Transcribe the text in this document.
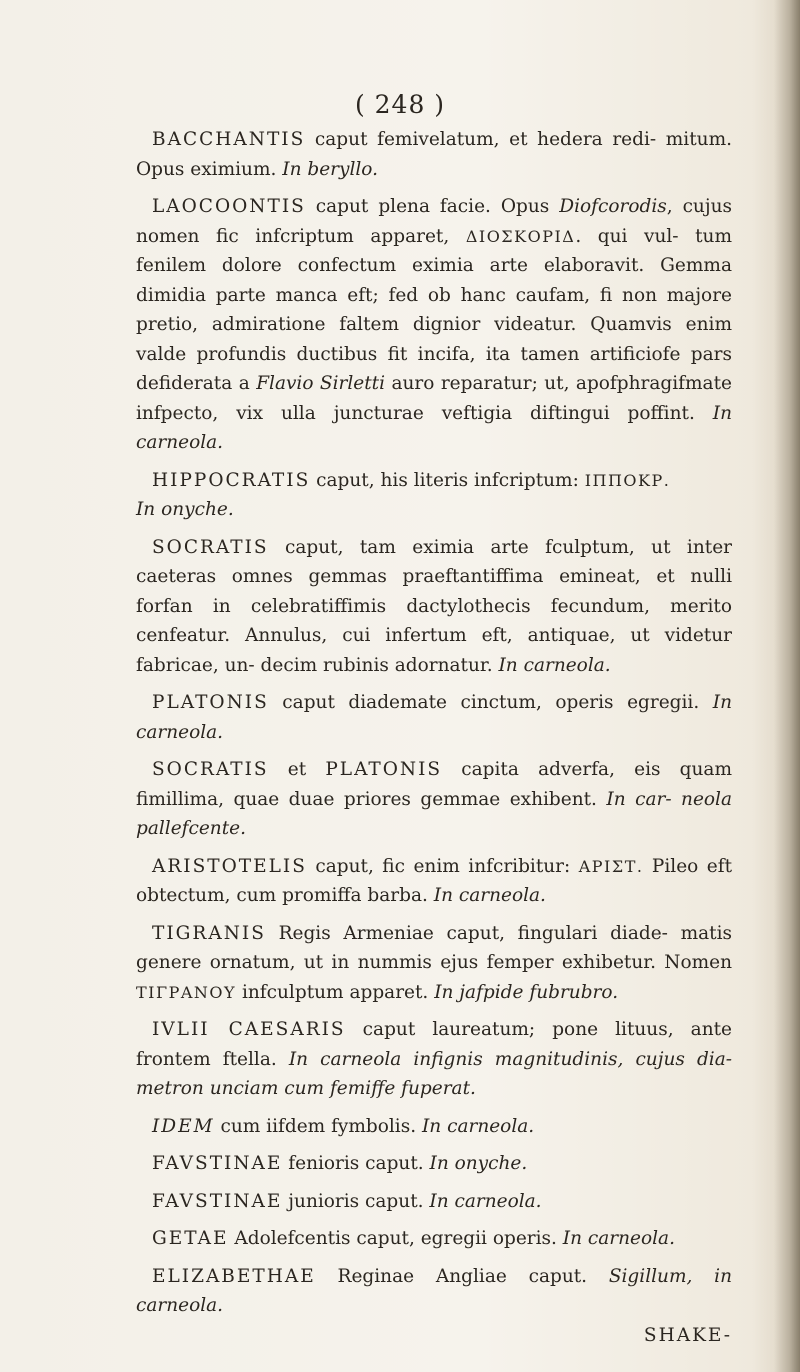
( 248 )

BACCHANTIS caput femivelatum, et hedera redi- mitum. Opus eximium. In beryllo.

LAOCOONTIS caput plena facie. Opus Diofcorodis, cujus nomen fic infcriptum apparet, ΔΙΟΣΚΟΡΙΔ. qui vul- tum fenilem dolore confectum eximia arte elaboravit. Gemma dimidia parte manca eft; fed ob hanc caufam, fi non majore pretio, admiratione faltem dignior videatur. Quamvis enim valde profundis ductibus fit incifa, ita tamen artificiofe pars defiderata a Flavio Sirletti auro reparatur; ut, apofphragifmate infpecto, vix ulla juncturae veftigia diftingui poffint. In carneola.

HIPPOCRATIS caput, his literis infcriptum: ΙΠΠΟΚΡ.
In onyche.

SOCRATIS caput, tam eximia arte fculptum, ut inter caeteras omnes gemmas praeftantiffima emineat, et nulli forfan in celebratiffimis dactylothecis fecundum, merito cenfeatur. Annulus, cui infertum eft, antiquae, ut videtur fabricae, un- decim rubinis adornatur. In carneola.

PLATONIS caput diademate cinctum, operis egregii. In carneola.

SOCRATIS et PLATONIS capita adverfa, eis quam fimillima, quae duae priores gemmae exhibent. In car- neola pallefcente.

ARISTOTELIS caput, fic enim infcribitur: ΑΡΙΣΤ. Pileo eft obtectum, cum promiffa barba. In carneola.

TIGRANIS Regis Armeniae caput, fingulari diade- matis genere ornatum, ut in nummis ejus femper exhibetur. Nomen ΤΙΓΡΑΝΟΥ infculptum apparet. In jafpide fubrubro.

IVLII CAESARIS caput laureatum; pone lituus, ante frontem ftella. In carneola infignis magnitudinis, cujus dia- metron unciam cum femiffe fuperat.

IDEM cum iifdem fymbolis. In carneola.

FAVSTINAE fenioris caput. In onyche.

FAVSTINAE junioris caput. In carneola.

GETAE Adolefcentis caput, egregii operis. In carneola.

ELIZABETHAE Reginae Angliae caput. Sigillum, in carneola.

SHAKE-
